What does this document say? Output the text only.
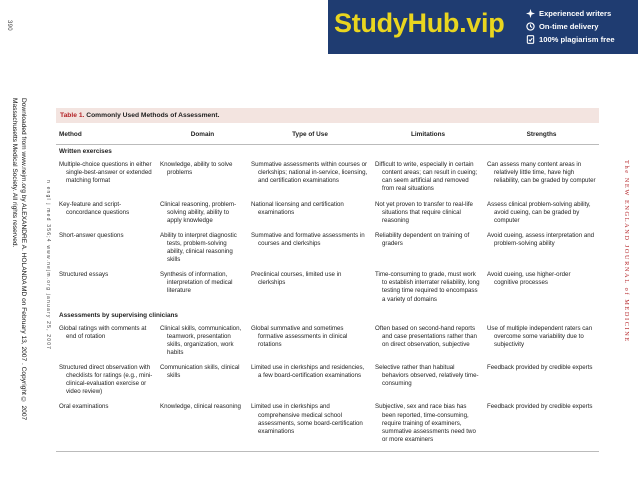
390
Downloaded from www.nejm.org by ALEXANDRE A. HOLANDA MD on February 13, 2007 . Copyright © 2007 Massachusetts Medical Society. All rights reserved.
n engl j med 356;4 www.nejm.org january 25, 2007	The NEW ENGLAND JOURNAL of MEDICINE
StudyHub.vip	Experienced writers
On-time delivery
100% plagiarism free
Table 1. Commonly Used Methods of Assessment.
Method	Domain	Type of Use	Limitations	Strengths
Written exercises				

Multiple-choice questions in either single-best-answer or extended matching format	Knowledge, ability to solve problems	Summative assessments within courses or clerkships; national in-service, licensing, and certification examinations	Difficult to write, especially in certain content areas; can result in cueing; can seem artificial and removed from real situations	Can assess many content areas in relatively little time, have high reliability, can be graded by computer

Key-feature and script-concordance questions	Clinical reasoning, problem-solving ability, ability to apply knowledge	National licensing and certification examinations	Not yet proven to transfer to real-life situations that require clinical reasoning	Assess clinical problem-solving ability, avoid cueing, can be graded by computer

Short-answer questions	Ability to interpret diagnostic tests, problem-solving ability, clinical reasoning skills	Summative and formative assessments in courses and clerkships	Reliability dependent on training of graders	Avoid cueing, assess interpretation and problem-solving ability

Structured essays	Synthesis of information, interpretation of medical literature	Preclinical courses, limited use in clerkships	Time-consuming to grade, must work to establish interrater reliability, long testing time required to encompass a variety of domains	Avoid cueing, use higher-order cognitive processes

Assessments by supervising clinicians				

Global ratings with comments at end of rotation	Clinical skills, communication, teamwork, presentation skills, organization, work habits	Global summative and sometimes formative assessments in clinical rotations	Often based on second-hand reports and case presentations rather than on direct observation, subjective	Use of multiple independent raters can overcome some variability due to subjectivity

Structured direct observation with checklists for ratings (e.g., mini-clinical-evaluation exercise or video review)	Communication skills, clinical skills	Limited use in clerkships and residencies, a few board-certification examinations	Selective rather than habitual behaviors observed, relatively time-consuming	Feedback provided by credible experts

Oral examinations	Knowledge, clinical reasoning	Limited use in clerkships and comprehensive medical school assessments, some board-certification examinations	Subjective, sex and race bias has been reported, time-consuming, require training of examiners, summative assessments need two or more examiners	Feedback provided by credible experts
